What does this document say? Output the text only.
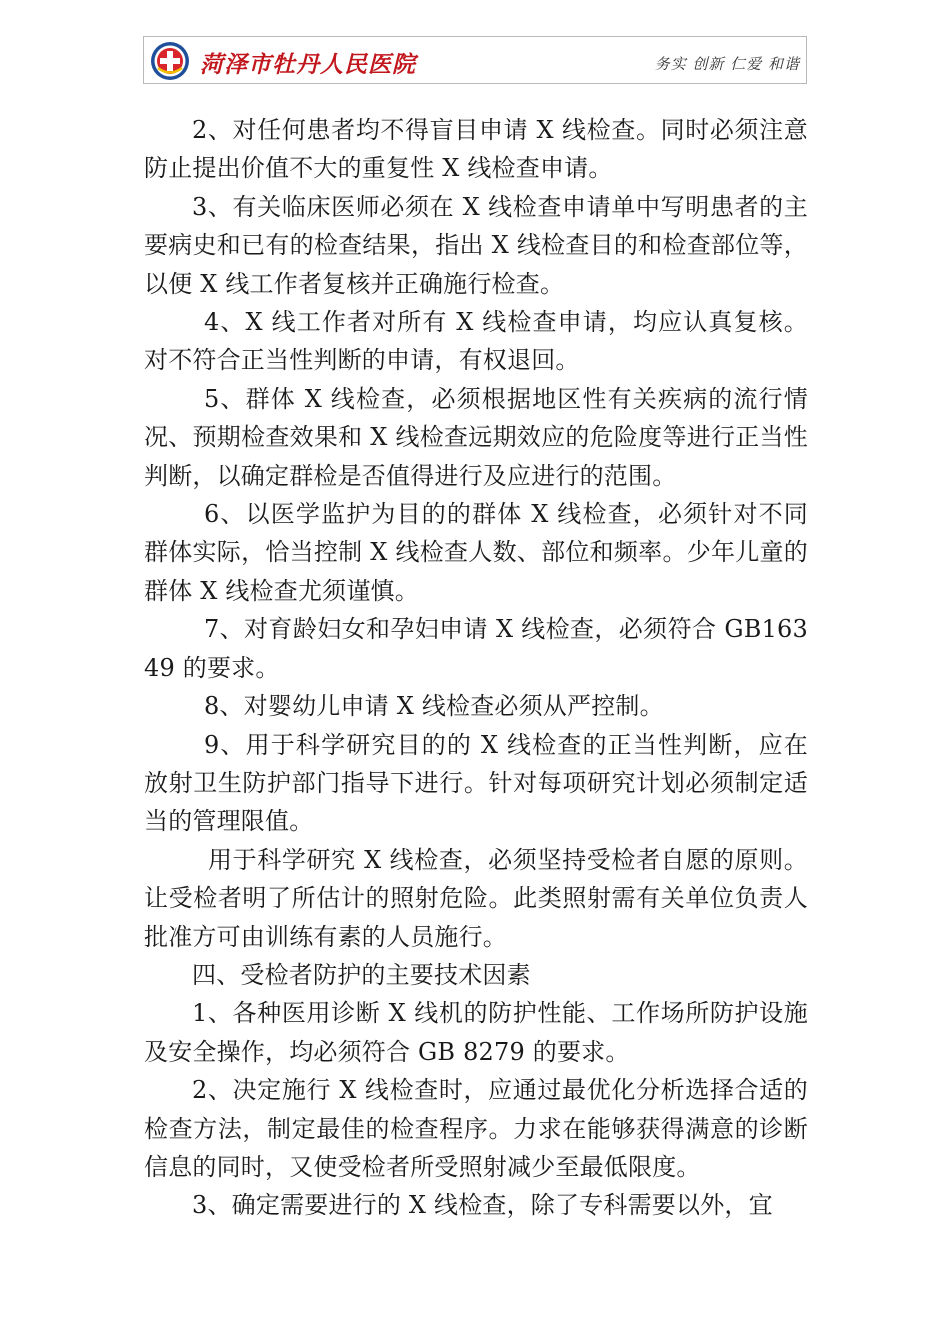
菏泽市牡丹人民医院	务实 创新 仁爱 和谐

2、对任何患者均不得盲目申请 X 线检查。同时必须注意防止提出价值不大的重复性 X 线检查申请。

3、有关临床医师必须在 X 线检查申请单中写明患者的主要病史和已有的检查结果，指出 X 线检查目的和检查部位等，以便 X 线工作者复核并正确施行检查。

4、X 线工作者对所有 X 线检查申请，均应认真复核。对不符合正当性判断的申请，有权退回。

5、群体 X 线检查，必须根据地区性有关疾病的流行情况、预期检查效果和 X 线检查远期效应的危险度等进行正当性判断，以确定群检是否值得进行及应进行的范围。

6、以医学监护为目的的群体 X 线检查，必须针对不同群体实际，恰当控制 X 线检查人数、部位和频率。少年儿童的群体 X 线检查尤须谨慎。

7、对育龄妇女和孕妇申请 X 线检查，必须符合 GB16349 的要求。

8、对婴幼儿申请 X 线检查必须从严控制。

9、用于科学研究目的的 X 线检查的正当性判断，应在放射卫生防护部门指导下进行。针对每项研究计划必须制定适当的管理限值。

用于科学研究 X 线检查，必须坚持受检者自愿的原则。让受检者明了所估计的照射危险。此类照射需有关单位负责人批准方可由训练有素的人员施行。

四、受检者防护的主要技术因素

1、各种医用诊断 X 线机的防护性能、工作场所防护设施及安全操作，均必须符合 GB 8279 的要求。

2、决定施行 X 线检查时，应通过最优化分析选择合适的检查方法，制定最佳的检查程序。力求在能够获得满意的诊断信息的同时，又使受检者所受照射减少至最低限度。

3、确定需要进行的 X 线检查，除了专科需要以外，宜
